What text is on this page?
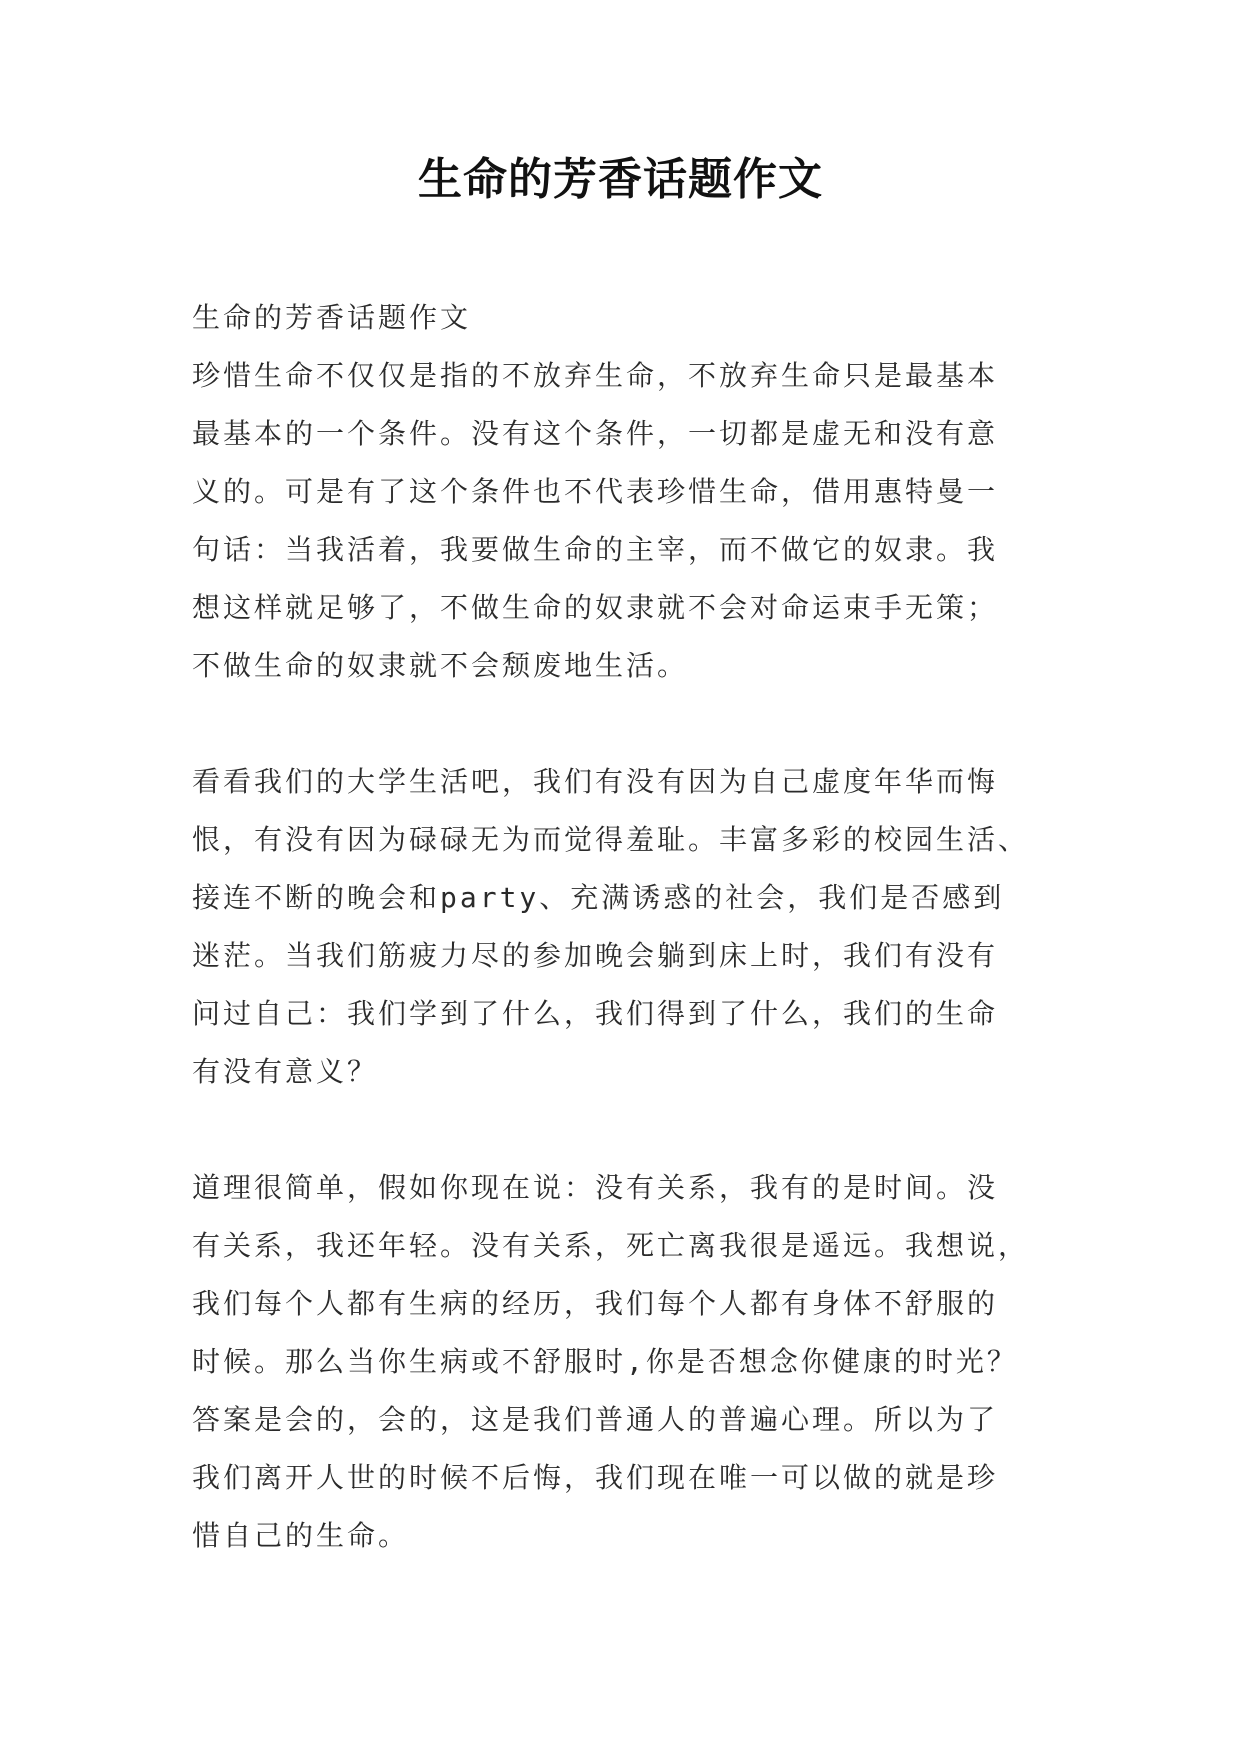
生命的芳香话题作文
生命的芳香话题作文
珍惜生命不仅仅是指的不放弃生命，不放弃生命只是最基本
最基本的一个条件。没有这个条件，一切都是虚无和没有意
义的。可是有了这个条件也不代表珍惜生命，借用惠特曼一
句话：当我活着，我要做生命的主宰，而不做它的奴隶。我
想这样就足够了，不做生命的奴隶就不会对命运束手无策；
不做生命的奴隶就不会颓废地生活。
看看我们的大学生活吧，我们有没有因为自己虚度年华而悔
恨，有没有因为碌碌无为而觉得羞耻。丰富多彩的校园生活、
接连不断的晚会和party、充满诱惑的社会，我们是否感到
迷茫。当我们筋疲力尽的参加晚会躺到床上时，我们有没有
问过自己：我们学到了什么，我们得到了什么，我们的生命
有没有意义？
道理很简单，假如你现在说：没有关系，我有的是时间。没
有关系，我还年轻。没有关系，死亡离我很是遥远。我想说，
我们每个人都有生病的经历，我们每个人都有身体不舒服的
时候。那么当你生病或不舒服时,你是否想念你健康的时光？
答案是会的，会的，这是我们普通人的普遍心理。所以为了
我们离开人世的时候不后悔，我们现在唯一可以做的就是珍
惜自己的生命。
